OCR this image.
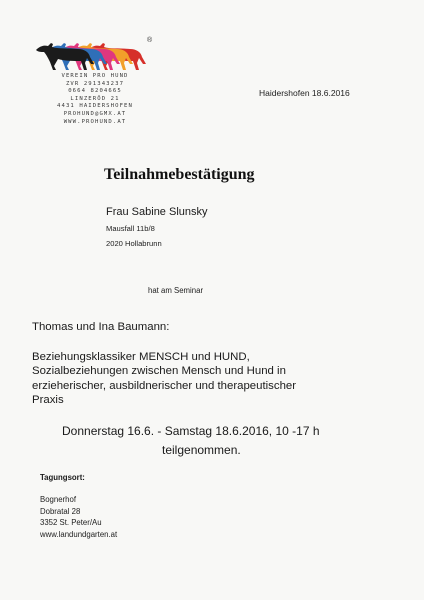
®
VEREIN PRO HUND
ZVR 291343237
0664 8204665
LINZERÖD 21
4431 HAIDERSHOFEN
PROHUND@GMX.AT
WWW.PROHUND.AT
Haidershofen 18.6.2016
Teilnahmebestätigung
Frau Sabine Slunsky
Mausfall 11b/8
2020 Hollabrunn
hat am Seminar
Thomas und Ina Baumann:
Beziehungsklassiker MENSCH und HUND,
Sozialbeziehungen zwischen Mensch und Hund in
erzieherischer, ausbildnerischer und therapeutischer
Praxis
Donnerstag 16.6. - Samstag 18.6.2016, 10 -17 h
teilgenommen.
Tagungsort:
Bognerhof
Dobratal 28
3352 St. Peter/Au
www.landundgarten.at
